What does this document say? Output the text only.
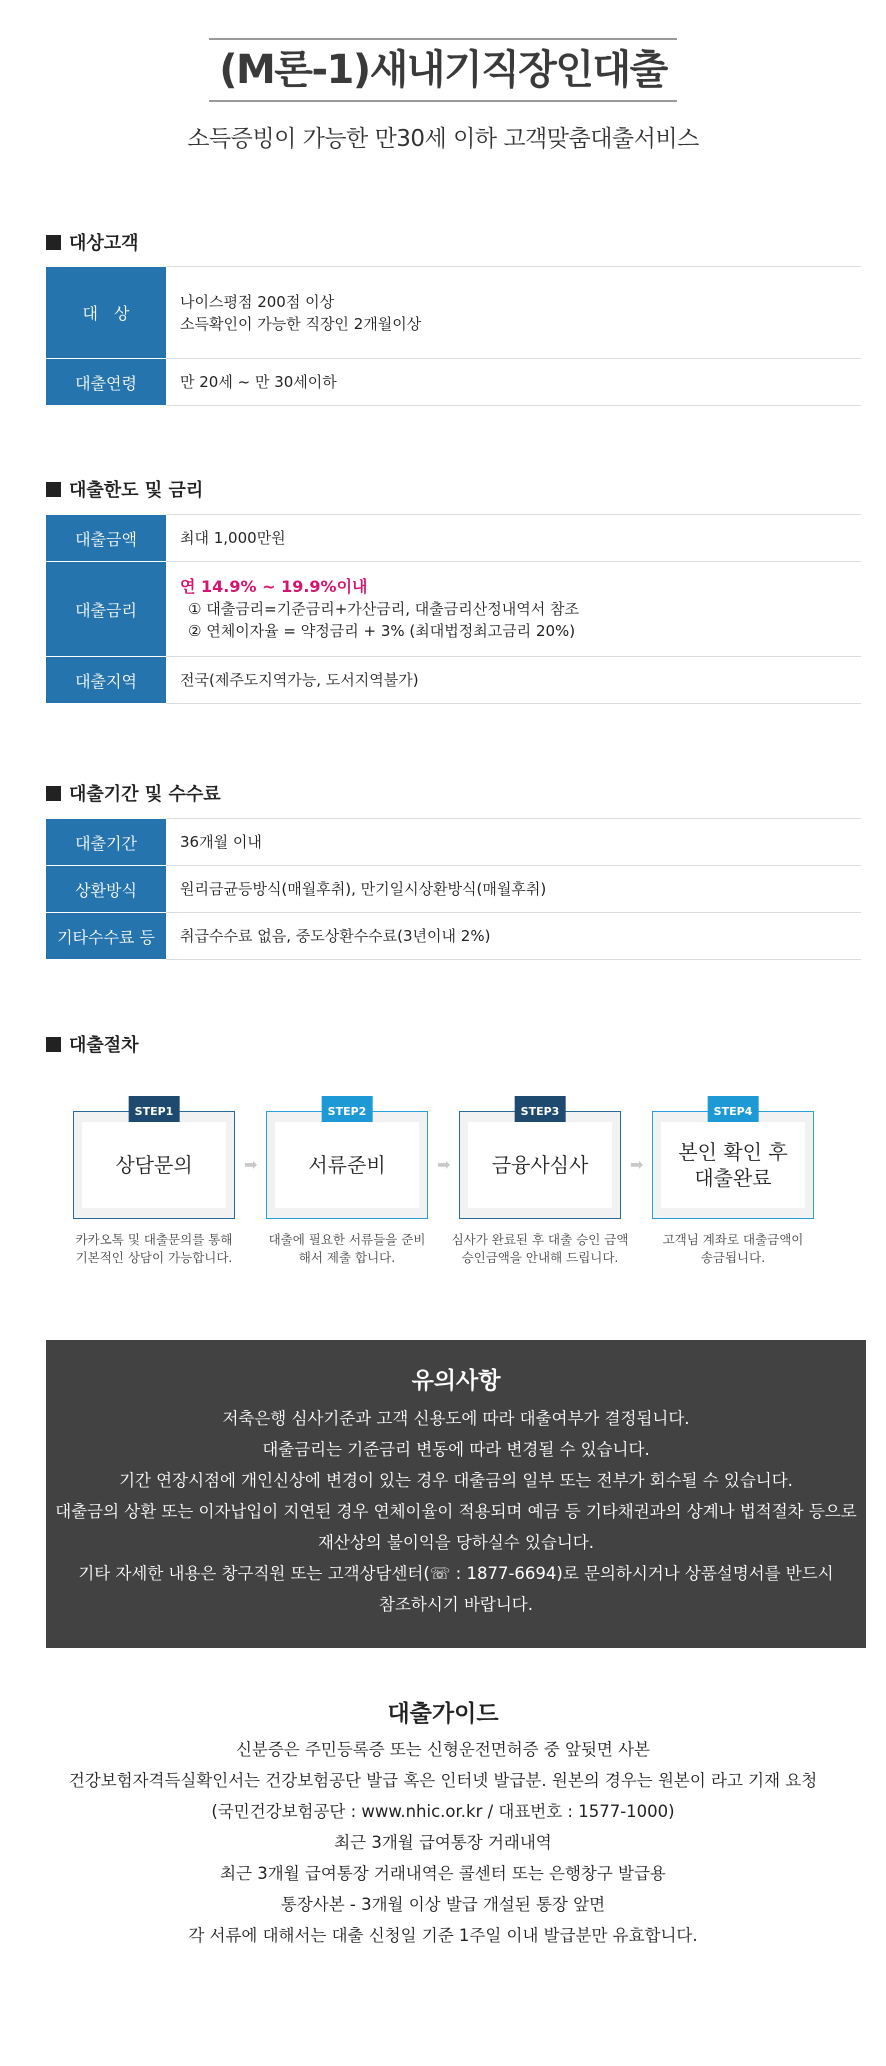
(M론-1)새내기직장인대출
소득증빙이 가능한 만30세 이하 고객맞춤대출서비스
대상고객
대　상	나이스평점 200점 이상
소득확인이 가능한 직장인 2개월이상

대출연령	만 20세 ~ 만 30세이하
대출한도 및 금리
대출금액	최대 1,000만원
대출금리	연 14.9% ~ 19.9%이내
① 대출금리=기준금리+가산금리, 대출금리산정내역서 참조
② 연체이자율 = 약정금리 + 3% (최대법정최고금리 20%)

대출지역	전국(제주도지역가능, 도서지역불가)
대출기간 및 수수료
대출기간	36개월 이내
상환방식	원리금균등방식(매월후취), 만기일시상환방식(매월후취)
기타수수료 등	취급수수료 없음, 중도상환수수료(3년이내 2%)
대출절차
STEP1
상담문의	➡
카카오톡 및 대출문의를 통해
기본적인 상담이 가능합니다.
STEP2
서류준비	➡
대출에 필요한 서류들을 준비
해서 제출 합니다.
STEP3
금융사심사	➡
심사가 완료된 후 대출 승인 금액
승인금액을 안내해 드립니다.
STEP4
본인 확인 후
대출완료
고객님 계좌로 대출금액이
송금됩니다.
유의사항
저축은행 심사기준과 고객 신용도에 따라 대출여부가 결정됩니다.
대출금리는 기준금리 변동에 따라 변경될 수 있습니다.
기간 연장시점에 개인신상에 변경이 있는 경우 대출금의 일부 또는 전부가 회수될 수 있습니다.
대출금의 상환 또는 이자납입이 지연된 경우 연체이율이 적용되며 예금 등 기타채권과의 상계나 법적절차 등으로
재산상의 불이익을 당하실수 있습니다.
기타 자세한 내용은 창구직원 또는 고객상담센터(☏ : 1877-6694)로 문의하시거나 상품설명서를 반드시
참조하시기 바랍니다.
대출가이드
신분증은 주민등록증 또는 신형운전면허증 중 앞뒷면 사본
건강보험자격득실확인서는 건강보험공단 발급 혹은 인터넷 발급분. 원본의 경우는 원본이 라고 기재 요청
(국민건강보험공단 : www.nhic.or.kr / 대표번호 : 1577-1000)
최근 3개월 급여통장 거래내역
최근 3개월 급여통장 거래내역은 콜센터 또는 은행창구 발급용
통장사본 - 3개월 이상 발급 개설된 통장 앞면
각 서류에 대해서는 대출 신청일 기준 1주일 이내 발급분만 유효합니다.
